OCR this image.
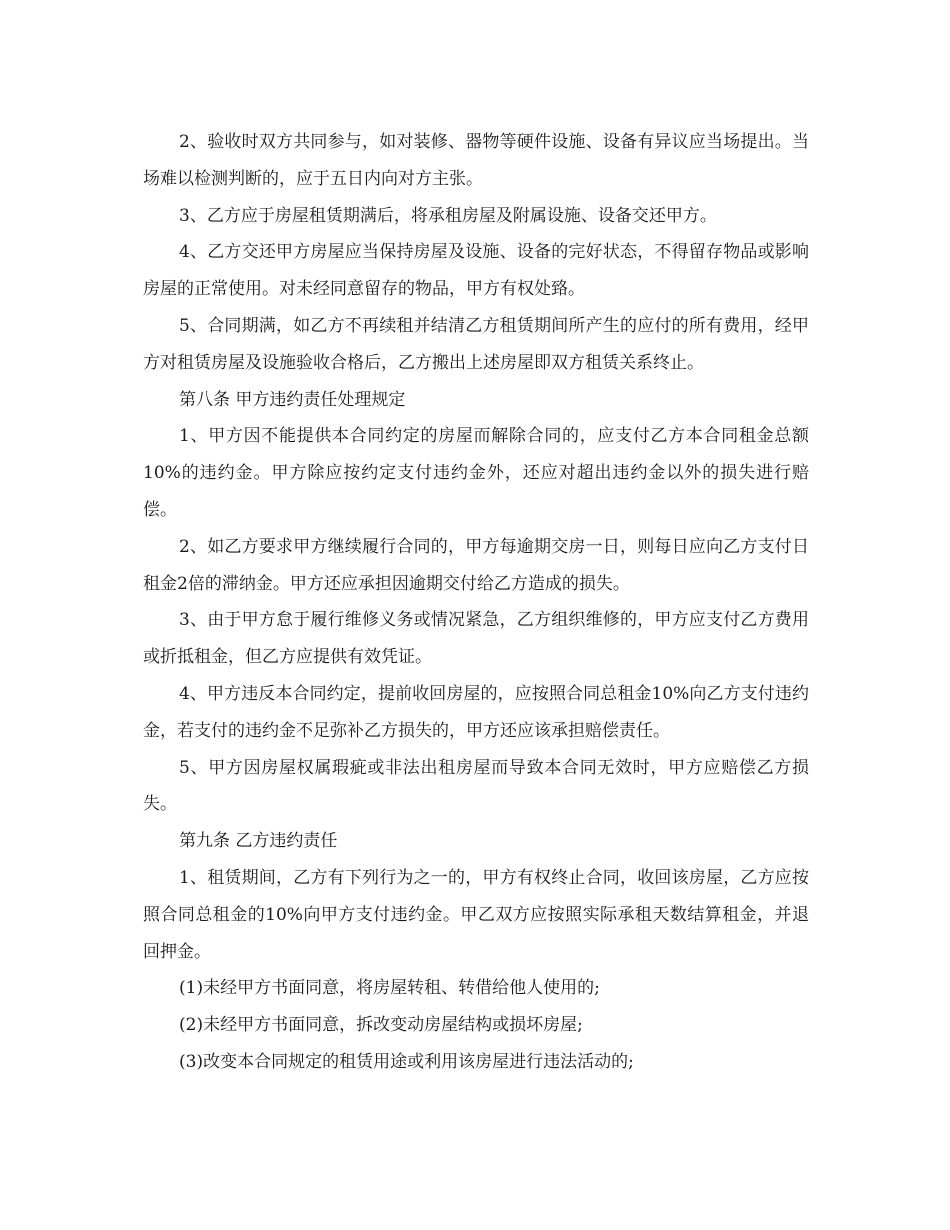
2、验收时双方共同参与，如对装修、器物等硬件设施、设备有异议应当场提出。当场难以检测判断的，应于五日内向对方主张。

3、乙方应于房屋租赁期满后，将承租房屋及附属设施、设备交还甲方。

4、乙方交还甲方房屋应当保持房屋及设施、设备的完好状态，不得留存物品或影响房屋的正常使用。对未经同意留存的物品，甲方有权处臵。

5、合同期满，如乙方不再续租并结清乙方租赁期间所产生的应付的所有费用，经甲方对租赁房屋及设施验收合格后，乙方搬出上述房屋即双方租赁关系终止。

第八条 甲方违约责任处理规定

1、甲方因不能提供本合同约定的房屋而解除合同的，应支付乙方本合同租金总额10%的违约金。甲方除应按约定支付违约金外，还应对超出违约金以外的损失进行赔偿。

2、如乙方要求甲方继续履行合同的，甲方每逾期交房一日，则每日应向乙方支付日租金2倍的滞纳金。甲方还应承担因逾期交付给乙方造成的损失。

3、由于甲方怠于履行维修义务或情况紧急，乙方组织维修的，甲方应支付乙方费用或折抵租金，但乙方应提供有效凭证。

4、甲方违反本合同约定，提前收回房屋的，应按照合同总租金10%向乙方支付违约金，若支付的违约金不足弥补乙方损失的，甲方还应该承担赔偿责任。

5、甲方因房屋权属瑕疵或非法出租房屋而导致本合同无效时，甲方应赔偿乙方损失。

第九条 乙方违约责任

1、租赁期间，乙方有下列行为之一的，甲方有权终止合同，收回该房屋，乙方应按照合同总租金的10%向甲方支付违约金。甲乙双方应按照实际承租天数结算租金，并退回押金。

(1)未经甲方书面同意，将房屋转租、转借给他人使用的;

(2)未经甲方书面同意，拆改变动房屋结构或损坏房屋;

(3)改变本合同规定的租赁用途或利用该房屋进行违法活动的;
